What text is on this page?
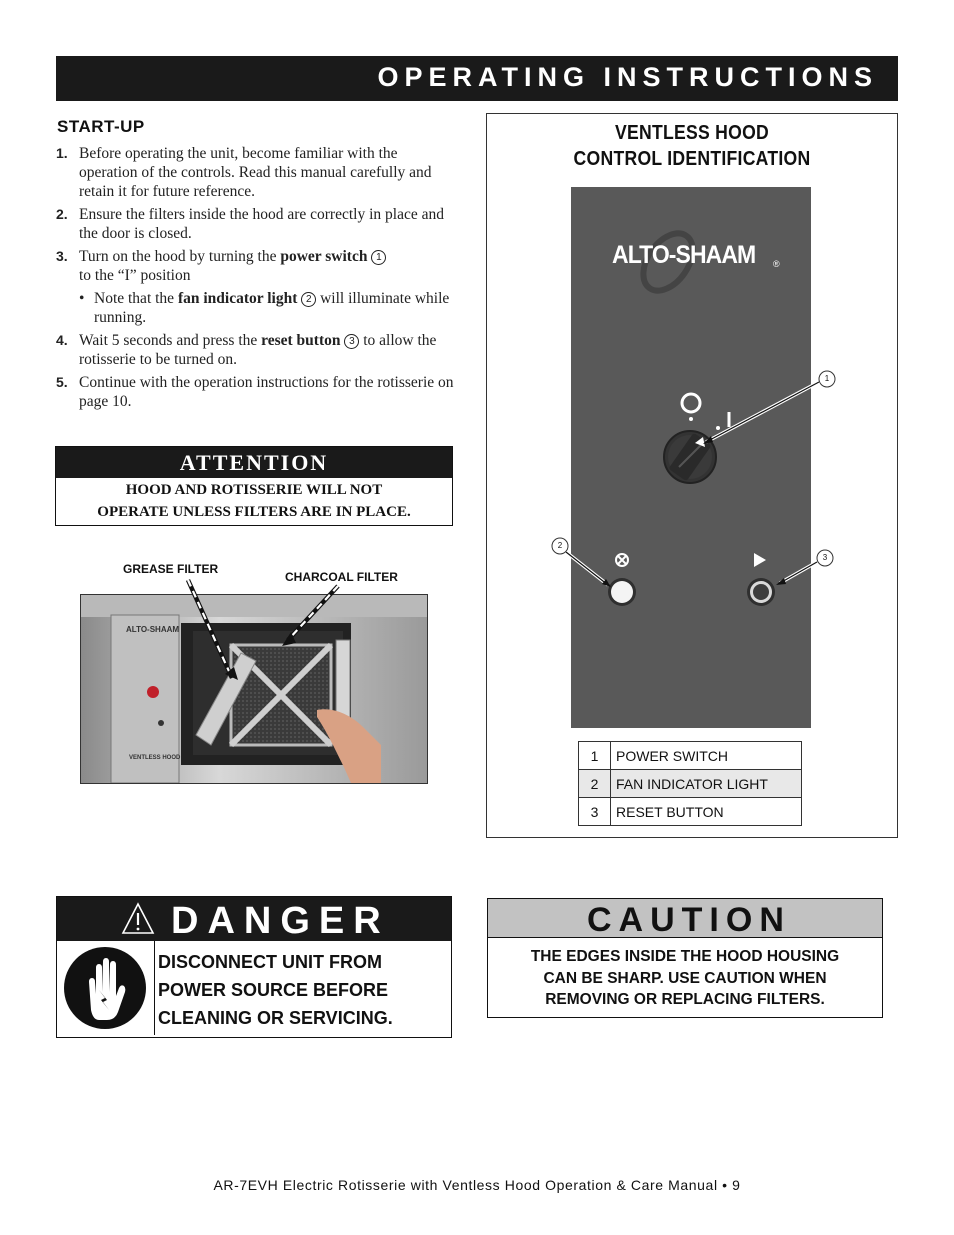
OPERATING INSTRUCTIONS
START-UP
1. Before operating the unit, become familiar with the operation of the controls. Read this manual carefully and retain it for future reference.
2. Ensure the filters inside the hood are correctly in place and the door is closed.
3. Turn on the hood by turning the power switch 1
to the “I” position
• Note that the fan indicator light 2 will illuminate while running.
4. Wait 5 seconds and press the reset button 3 to allow the rotisserie to be turned on.
5. Continue with the operation instructions for the rotisserie on page 10.
ATTENTION
HOOD AND ROTISSERIE WILL NOT
OPERATE UNLESS FILTERS ARE IN PLACE.
GREASE FILTER
CHARCOAL FILTER
ALTO-SHAAM
VENTLESS HOOD
VENTLESS HOOD
CONTROL IDENTIFICATION
ALTO-SHAAM ®
1
2
3
1	POWER SWITCH
2	FAN INDICATOR LIGHT
3	RESET BUTTON
DANGER
DISCONNECT UNIT FROM
POWER SOURCE BEFORE
CLEANING OR SERVICING.
CAUTION
THE EDGES INSIDE THE HOOD HOUSING
CAN BE SHARP. USE CAUTION WHEN
REMOVING OR REPLACING FILTERS.
AR-7EVH Electric Rotisserie with Ventless Hood Operation & Care Manual • 9
